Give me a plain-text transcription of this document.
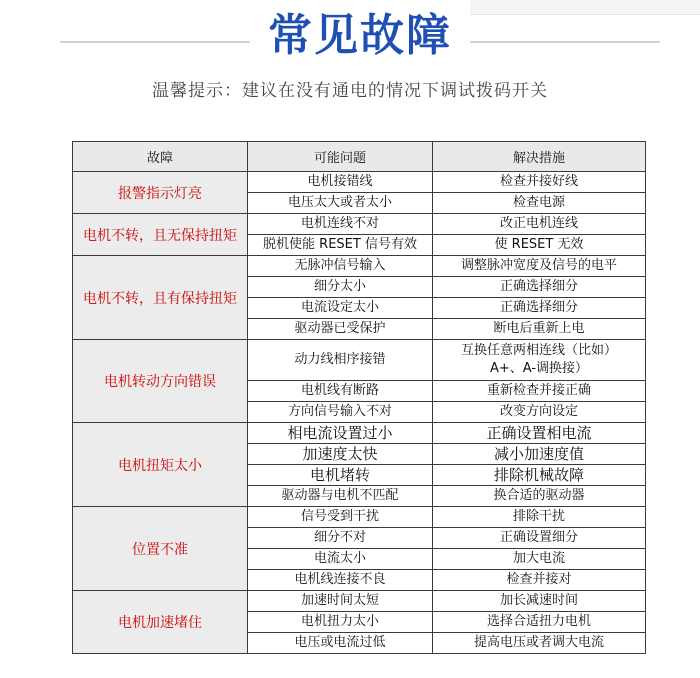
常见故障
温馨提示：建议在没有通电的情况下调试拨码开关
故障	可能问题	解决措施
报警指示灯亮	电机接错线	检查并接好线
	电压太大或者太小	检查电源
电机不转，且无保持扭矩	电机连线不对	改正电机连线
	脱机使能 RESET 信号有效	使 RESET 无效
电机不转，且有保持扭矩	无脉冲信号输入	调整脉冲宽度及信号的电平
	细分太小	正确选择细分
	电流设定太小	正确选择细分
	驱动器已受保护	断电后重新上电
电机转动方向错误	动力线相序接错	互换任意两相连线（比如）
A+、A-调换接）
	电机线有断路	重新检查并接正确
	方向信号输入不对	改变方向设定
电机扭矩太小	相电流设置过小	正确设置相电流
	加速度太快	减小加速度值
	电机堵转	排除机械故障
	驱动器与电机不匹配	换合适的驱动器
位置不准	信号受到干扰	排除干扰
	细分不对	正确设置细分
	电流太小	加大电流
	电机线连接不良	检查并接对
电机加速堵住	加速时间太短	加长减速时间
	电机扭力太小	选择合适扭力电机
	电压或电流过低	提高电压或者调大电流
